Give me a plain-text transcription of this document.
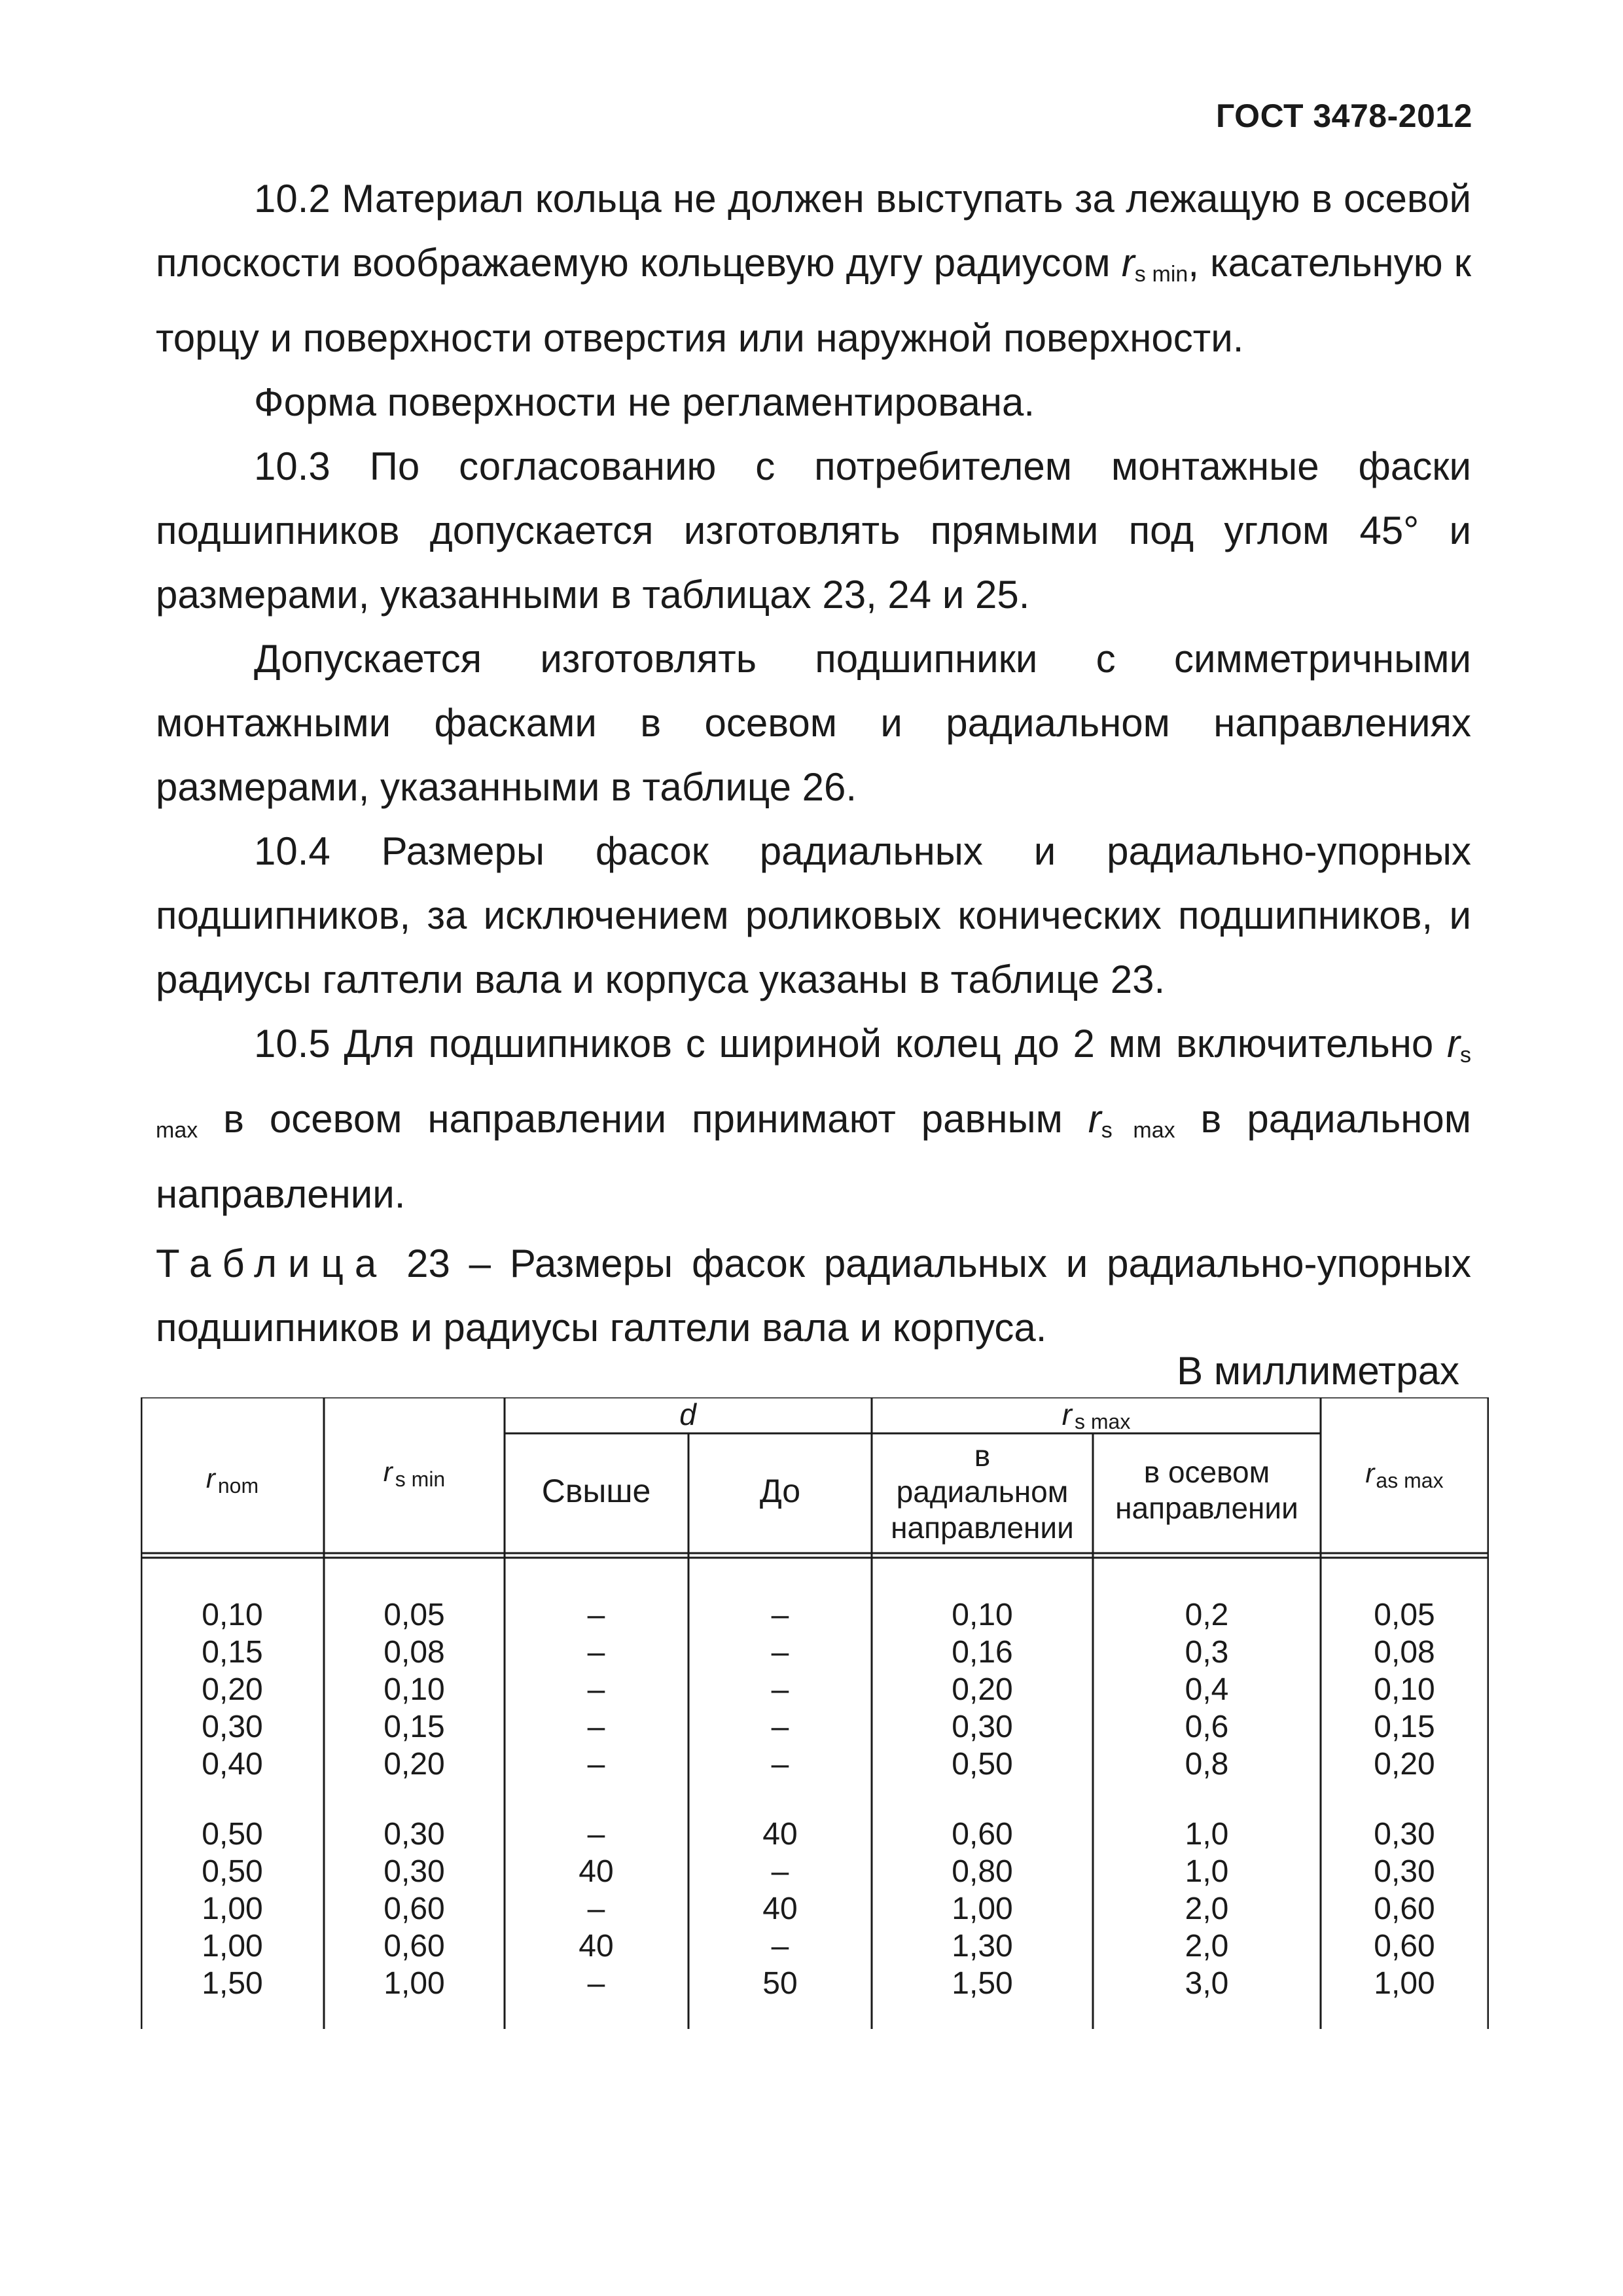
ГОСТ 3478-2012

10.2 Материал кольца не должен выступать за лежащую в осевой плоскости воображаемую кольцевую дугу радиусом $r_{s min}$, касательную к торцу и поверхности отверстия или наружной поверхности.

Форма поверхности не регламентирована.

10.3 По согласованию с потребителем монтажные фаски подшипников допускается изготовлять прямыми под углом 45° и размерами, указанными в таблицах 23, 24 и 25.

Допускается изготовлять подшипники с симметричными монтажными фасками в осевом и радиальном направлениях размерами, указанными в таблице 26.

10.4 Размеры фасок радиальных и радиально-упорных подшипников, за исключением роликовых конических подшипников, и радиусы галтели вала и корпуса указаны в таблице 23.

10.5 Для подшипников с шириной колец до 2 мм включительно $r_{s max}$ в осевом направлении принимают равным $r_{s max}$ в радиальном направлении.

Таблица 23 – Размеры фасок радиальных и радиально-упорных подшипников и радиусы галтели вала и корпуса.

В миллиметрах
r nom	r s min
d
Свыше	До
r s max
в
радиальном
направлении
в осевом
направлении
ras max
0,10	0,05	–	–	0,10	0,2	0,05
0,15	0,08	–	–	0,16	0,3	0,08
0,20	0,10	–	–	0,20	0,4	0,10
0,30	0,15	–	–	0,30	0,6	0,15
0,40	0,20	–	–	0,50	0,8	0,20
0,50	0,30	–	40	0,60	1,0	0,30
0,50	0,30	40	–	0,80	1,0	0,30
1,00	0,60	–	40	1,00	2,0	0,60
1,00	0,60	40	–	1,30	2,0	0,60
1,50	1,00	–	50	1,50	3,0	1,00
